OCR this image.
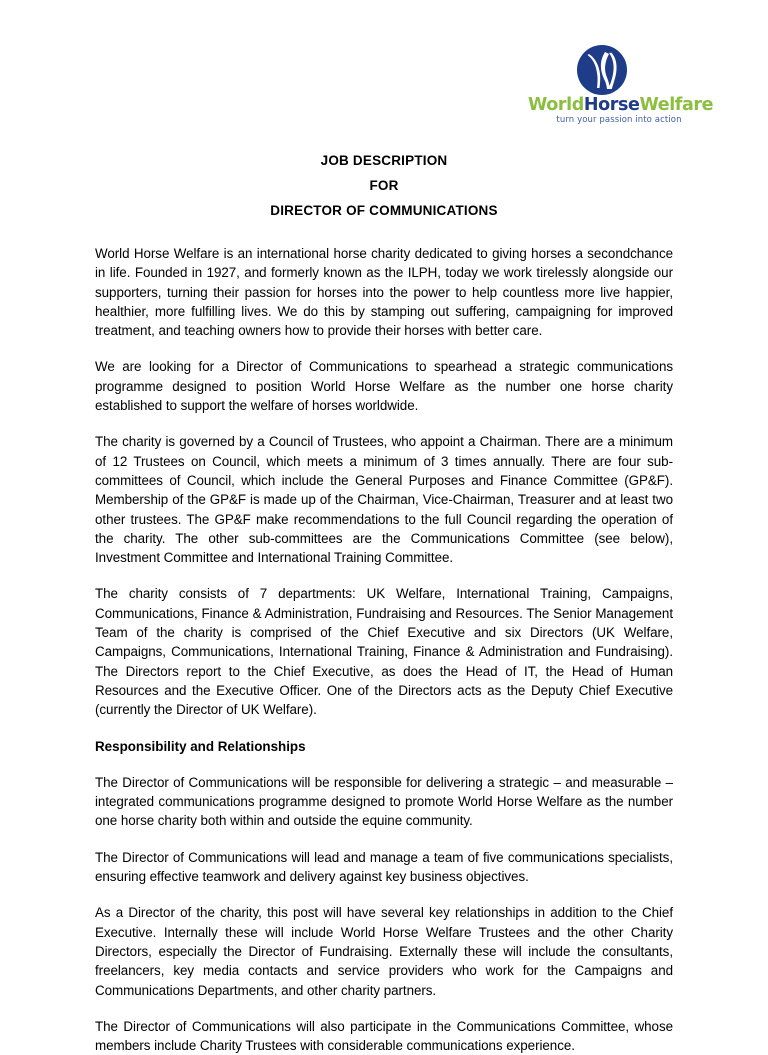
WorldHorseWelfare
turn your passion into action
JOB DESCRIPTION
FOR
DIRECTOR OF COMMUNICATIONS

World Horse Welfare is an international horse charity dedicated to giving horses a secondchance in life. Founded in 1927, and formerly known as the ILPH, today we work tirelessly alongside our supporters, turning their passion for horses into the power to help countless more live happier, healthier, more fulfilling lives. We do this by stamping out suffering, campaigning for improved treatment, and teaching owners how to provide their horses with better care.

We are looking for a Director of Communications to spearhead a strategic communications programme designed to position World Horse Welfare as the number one horse charity established to support the welfare of horses worldwide.

The charity is governed by a Council of Trustees, who appoint a Chairman. There are a minimum of 12 Trustees on Council, which meets a minimum of 3 times annually. There are four sub-committees of Council, which include the General Purposes and Finance Committee (GP&F). Membership of the GP&F is made up of the Chairman, Vice-Chairman, Treasurer and at least two other trustees. The GP&F make recommendations to the full Council regarding the operation of the charity. The other sub-committees are the Communications Committee (see below), Investment Committee and International Training Committee.

The charity consists of 7 departments: UK Welfare, International Training, Campaigns, Communications, Finance & Administration, Fundraising and Resources. The Senior Management Team of the charity is comprised of the Chief Executive and six Directors (UK Welfare, Campaigns, Communications, International Training, Finance & Administration and Fundraising). The Directors report to the Chief Executive, as does the Head of IT, the Head of Human Resources and the Executive Officer. One of the Directors acts as the Deputy Chief Executive (currently the Director of UK Welfare).

Responsibility and Relationships

The Director of Communications will be responsible for delivering a strategic – and measurable – integrated communications programme designed to promote World Horse Welfare as the number one horse charity both within and outside the equine community.

The Director of Communications will lead and manage a team of five communications specialists, ensuring effective teamwork and delivery against key business objectives.

As a Director of the charity, this post will have several key relationships in addition to the Chief Executive. Internally these will include World Horse Welfare Trustees and the other Charity Directors, especially the Director of Fundraising. Externally these will include the consultants, freelancers, key media contacts and service providers who work for the Campaigns and Communications Departments, and other charity partners.

The Director of Communications will also participate in the Communications Committee, whose members include Charity Trustees with considerable communications experience.
